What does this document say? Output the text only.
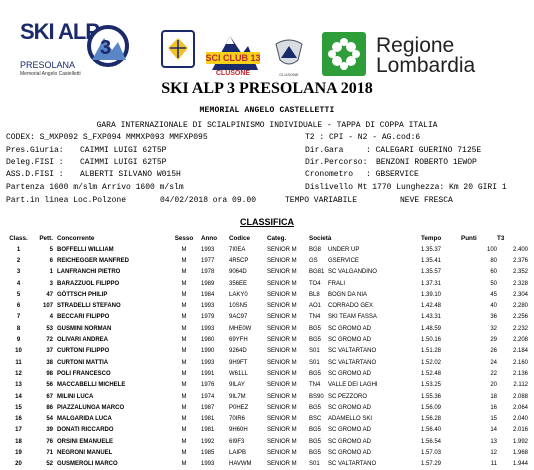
SKI ALP
3
PRESOLANA
Memorial Angelo Castelletti
SCI CLUB 13
CLUSONE	CLUSONE
Regione
Lombardia
SKI ALP 3 PRESOLANA 2018
MEMORIAL ANGELO CASTELLETTI
GARA INTERNAZIONALE DI SCIALPINISMO INDIVIDUALE - TAPPA DI COPPA ITALIA
CODEX: S_MXP092 S_FXP094 MMMXP093 MMFXP095	T2 : CPI - N2 - AG.cod:6
Pres.Giuria: CAIMMI LUIGI 62T5P	Dir.Gara	: CALEGARI GUERINO 7125E
Deleg.FISI : CAIMMI LUIGI 62T5P	Dir.Percorso: BENZONI ROBERTO 1EWOP
ASS.D.FISI : ALBERTI SILVANO W015H	Cronometro : GBSERVICE
Partenza 1600 m/slm Arrivo 1600 m/slm	Dislivello Mt 1770 Lunghezza: Km 20 GIRI 1
Part.in linea Loc.Polzone	04/02/2018 ora 09.00	TEMPO VARIABILE	NEVE FRESCA
CLASSIFICA
Class.	Pett.	Concorrente	Sesso	Anno	Codice	Categ.	Società		Tempo	Punti	T3
1	5	BOFFELLI WILLIAM	M	1993	7I0EA	SENIOR M	BG8	UNDER UP	1.35.37	100	2.400
2	6	REICHEGGER MANFRED	M	1977	4R5CP	SENIOR M	GS	GSERVICE	1.35.41	80	2.376
3	1	LANFRANCHI PIETRO	M	1978	9064D	SENIOR M	BG81	SC VALGANDINO	1.35.57	60	2.352
4	3	BARAZZUOL FILIPPO	M	1989	356EE	SENIOR M	TO4	FRALI	1.37.31	50	2.328
5	47	GÖTTSCH PHILIP	M	1984	LAKY0	SENIOR M	BL8	BOGN DA NIA	1.39.10	45	2.304
6	107	STRADELLI STEFANO	M	1993	10SN5	SENIOR M	AO1	CORRADO GEX	1.42.48	40	2.280
7	4	BECCARI FILIPPO	M	1979	9AC97	SENIOR M	TN4	SKI TEAM FASSA	1.43.31	36	2.256
8	53	GUSMINI NORMAN	M	1993	MHE0W	SENIOR M	BG5	SC GROMO AD	1.48.59	32	2.232
9	72	OLIVARI ANDREA	M	1980	69YFH	SENIOR M	BG5	SC GROMO AD	1.50.16	29	2.208
10	37	CURTONI FILIPPO	M	1990	9264D	SENIOR M	S01	SC VALTARTANO	1.51.28	26	2.184
11	38	CURTONI MATTIA	M	1993	9H9FT	SENIOR M	S01	SC VALTARTANO	1.52.02	24	2.160
12	98	POLI FRANCESCO	M	1991	W61LL	SENIOR M	BG5	SC GROMO AD	1.52.48	22	2.136
13	56	MACCABELLI MICHELE	M	1976	9ILAY	SENIOR M	TN4	VALLE DEI LAGHI	1.53.25	20	2.112
14	67	MILINI LUCA	M	1974	9IL7M	SENIOR M	BS90	SC PEZZORO	1.55.36	18	2.088
15	86	PIAZZALUNGA MARCO	M	1987	P0HEZ	SENIOR M	BG5	SC GROMO AD	1.56.09	16	2.064
16	54	MALGARIDA LUCA	M	1981	70IR6	SENIOR M	BSC	ADAMELLO SKI	1.56.28	15	2.040
17	39	DONATI RICCARDO	M	1981	9H60H	SENIOR M	BG5	SC GROMO AD	1.56.40	14	2.016
18	76	ORSINI EMANUELE	M	1992	6I9F3	SENIOR M	BG5	SC GROMO AD	1.56.54	13	1.992
19	71	NEGRONI MANUEL	M	1985	LAIPB	SENIOR M	BG5	SC GROMO AD	1.57.03	12	1.968
20	52	GUSMEROLI MARCO	M	1993	HAVWM	SENIOR M	S01	SC VALTARTANO	1.57.29	11	1.944
